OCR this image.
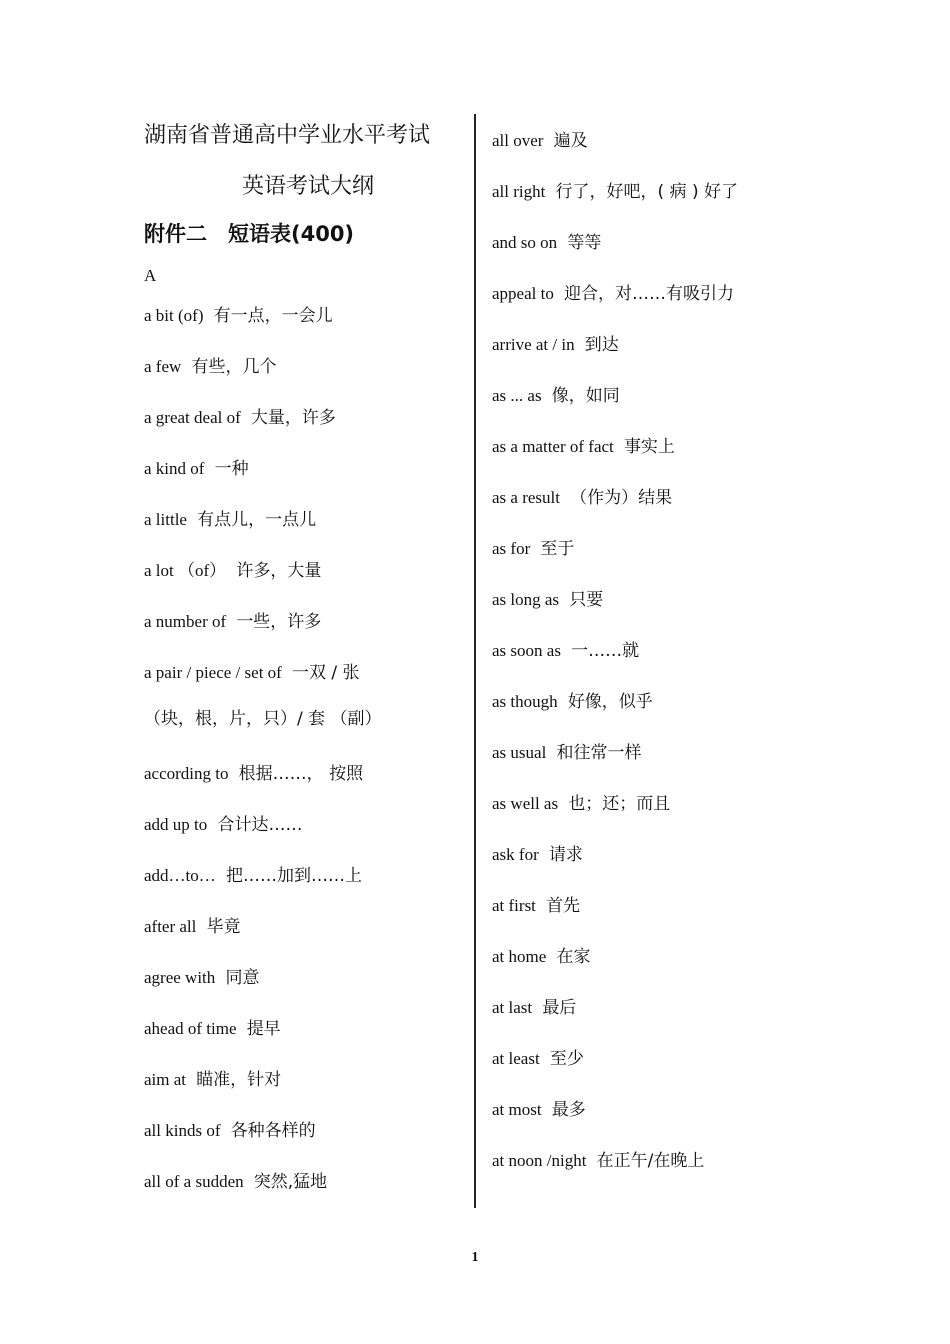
湖南省普通高中学业水平考试
英语考试大纲
附件二　短语表(400)
A
a bit (of) 有一点，一会儿
a few 有些，几个
a great deal of 大量，许多
a kind of 一种
a little 有点儿，一点儿
a lot （of） 许多，大量
a number of 一些，许多
a pair / piece / set of 一双 / 张
（块，根，片，只）/ 套 （副）
according to 根据……， 按照
add up to 合计达……
add…to… 把……加到……上
after all 毕竟
agree with 同意
ahead of time 提早
aim at 瞄准，针对
all kinds of 各种各样的
all of a sudden 突然,猛地
all over 遍及
all right 行了，好吧，( 病 ) 好了
and so on 等等
appeal to 迎合，对……有吸引力
arrive at / in 到达
as ... as 像，如同
as a matter of fact 事实上
as a result （作为）结果
as for 至于
as long as 只要
as soon as 一……就
as though 好像，似乎
as usual 和往常一样
as well as 也；还；而且
ask for 请求
at first 首先
at home 在家
at last 最后
at least 至少
at most 最多
at noon /night 在正午/在晚上
1
